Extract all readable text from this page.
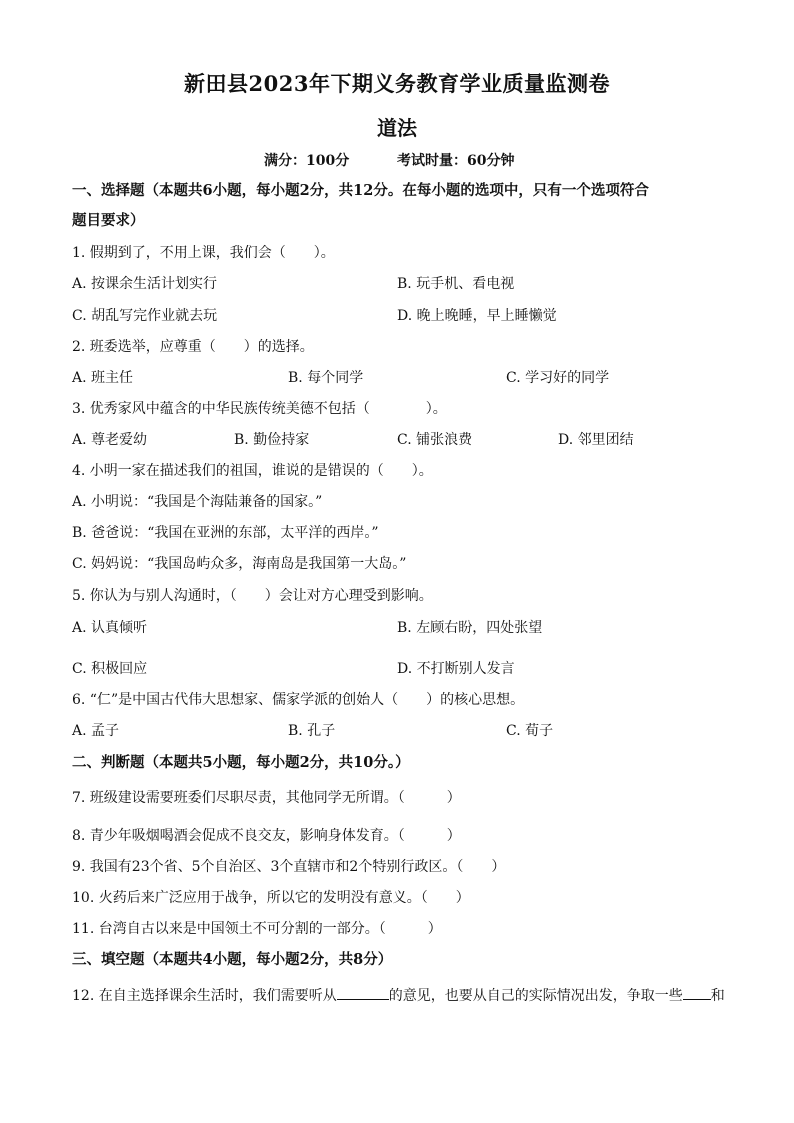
新田县2023年下期义务教育学业质量监测卷
道法
满分：100分	考试时量：60分钟
一、选择题（本题共6小题，每小题2分，共12分。在每小题的选项中，只有一个选项符合
题目要求）
1. 假期到了，不用上课，我们会（　　）。
A. 按课余生活计划实行	B. 玩手机、看电视
C. 胡乱写完作业就去玩	D. 晚上晚睡，早上睡懒觉
2. 班委选举，应尊重（　　）的选择。
A. 班主任	B. 每个同学	C. 学习好的同学
3. 优秀家风中蕴含的中华民族传统美德不包括（　　　　）。
A. 尊老爱幼	B. 勤俭持家	C. 铺张浪费	D. 邻里团结
4. 小明一家在描述我们的祖国，谁说的是错误的（　　）。
A. 小明说：“我国是个海陆兼备的国家。”
B. 爸爸说：“我国在亚洲的东部，太平洋的西岸。”
C. 妈妈说：“我国岛屿众多，海南岛是我国第一大岛。”
5. 你认为与别人沟通时，（　　）会让对方心理受到影响。
A. 认真倾听	B. 左顾右盼，四处张望
C. 积极回应	D. 不打断别人发言
6. “仁”是中国古代伟大思想家、儒家学派的创始人（　　）的核心思想。
A. 孟子	B. 孔子	C. 荀子
二、判断题（本题共5小题，每小题2分，共10分。）
7. 班级建设需要班委们尽职尽责，其他同学无所谓。（　　　）
8. 青少年吸烟喝酒会促成不良交友，影响身体发育。（　　　）
9. 我国有23个省、5个自治区、3个直辖市和2个特别行政区。（　　）
10. 火药后来广泛应用于战争，所以它的发明没有意义。（　　）
11. 台湾自古以来是中国领土不可分割的一部分。（　　　）
三、填空题（本题共4小题，每小题2分，共8分）
12. 在自主选择课余生活时，我们需要听从	的意见，也要从自己的实际情况出发，争取一些 和
